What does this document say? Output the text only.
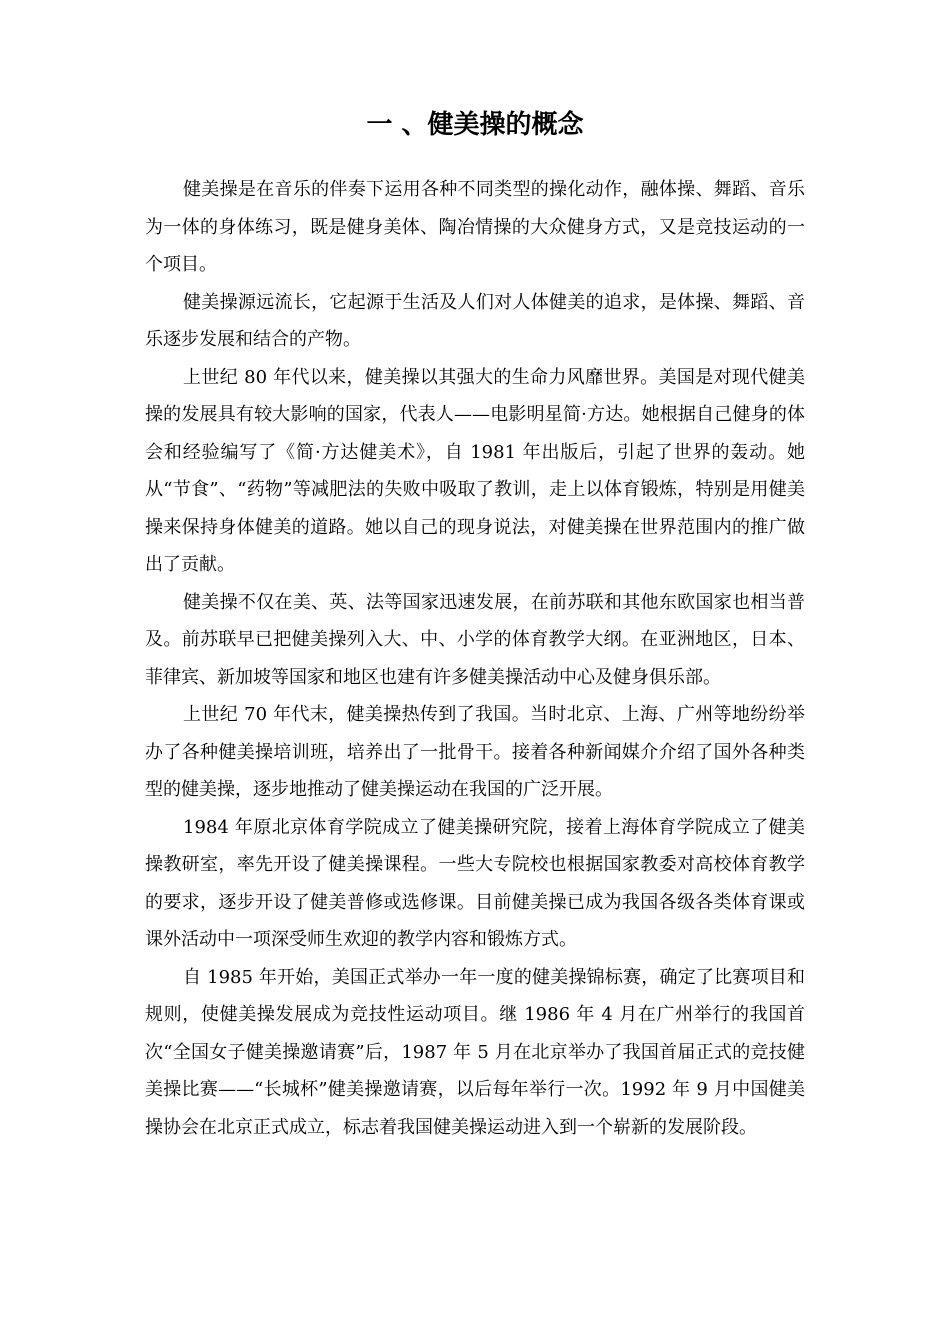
一 、健美操的概念

健美操是在音乐的伴奏下运用各种不同类型的操化动作，融体操、舞蹈、音乐为一体的身体练习，既是健身美体、陶冶情操的大众健身方式，又是竞技运动的一个项目。

健美操源远流长，它起源于生活及人们对人体健美的追求，是体操、舞蹈、音乐逐步发展和结合的产物。

上世纪 80 年代以来，健美操以其强大的生命力风靡世界。美国是对现代健美操的发展具有较大影响的国家，代表人——电影明星简·方达。她根据自己健身的体会和经验编写了《简·方达健美术》，自 1981 年出版后，引起了世界的轰动。她从“节食”、“药物”等减肥法的失败中吸取了教训，走上以体育锻炼，特别是用健美操来保持身体健美的道路。她以自己的现身说法，对健美操在世界范围内的推广做出了贡献。

健美操不仅在美、英、法等国家迅速发展，在前苏联和其他东欧国家也相当普及。前苏联早已把健美操列入大、中、小学的体育教学大纲。在亚洲地区，日本、菲律宾、新加坡等国家和地区也建有许多健美操活动中心及健身俱乐部。

上世纪 70 年代末，健美操热传到了我国。当时北京、上海、广州等地纷纷举办了各种健美操培训班，培养出了一批骨干。接着各种新闻媒介介绍了国外各种类型的健美操，逐步地推动了健美操运动在我国的广泛开展。

1984 年原北京体育学院成立了健美操研究院，接着上海体育学院成立了健美操教研室，率先开设了健美操课程。一些大专院校也根据国家教委对高校体育教学的要求，逐步开设了健美普修或选修课。目前健美操已成为我国各级各类体育课或课外活动中一项深受师生欢迎的教学内容和锻炼方式。

自 1985 年开始，美国正式举办一年一度的健美操锦标赛，确定了比赛项目和规则，使健美操发展成为竞技性运动项目。继 1986 年 4 月在广州举行的我国首次“全国女子健美操邀请赛”后，1987 年 5 月在北京举办了我国首届正式的竞技健美操比赛——“长城杯”健美操邀请赛，以后每年举行一次。1992 年 9 月中国健美操协会在北京正式成立，标志着我国健美操运动进入到一个崭新的发展阶段。
